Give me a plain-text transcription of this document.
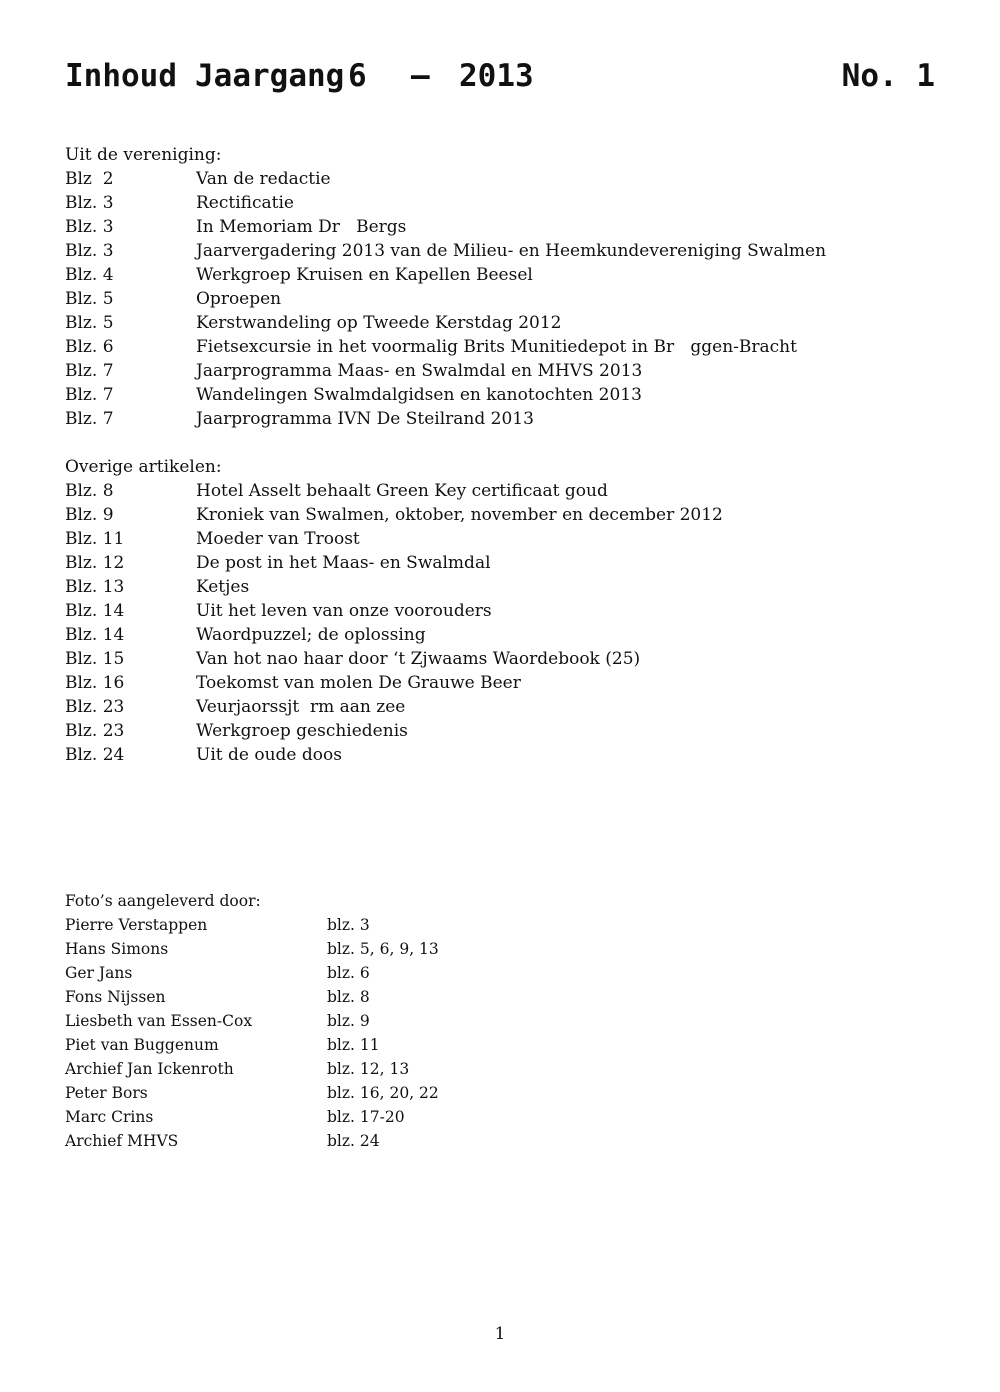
Inhoud

Jaargang

6

–

2013

	No. 1

Uit de vereniging:
Blz  2	Van de redactie
Blz. 3	Rectificatie
Blz. 3	In Memoriam Dr   Bergs
Blz. 3	Jaarvergadering 2013 van de Milieu- en Heemkundevereniging Swalmen
Blz. 4	Werkgroep Kruisen en Kapellen Beesel
Blz. 5	Oproepen
Blz. 5	Kerstwandeling op Tweede Kerstdag 2012
Blz. 6	Fietsexcursie in het voormalig Brits Munitiedepot in Br   ggen-Bracht
Blz. 7	Jaarprogramma Maas- en Swalmdal en MHVS 2013
Blz. 7	Wandelingen Swalmdalgidsen en kanotochten 2013
Blz. 7	Jaarprogramma IVN De Steilrand 2013
Overige artikelen:
Blz. 8	Hotel Asselt behaalt Green Key certificaat goud
Blz. 9	Kroniek van Swalmen, oktober, november en december 2012
Blz. 11	Moeder van Troost
Blz. 12	De post in het Maas- en Swalmdal
Blz. 13	Ketjes
Blz. 14	Uit het leven van onze voorouders
Blz. 14	Waordpuzzel; de oplossing
Blz. 15	Van hot nao haar door ‘t Zjwaams Waordebook (25)
Blz. 16	Toekomst van molen De Grauwe Beer
Blz. 23	Veurjaorssjt  rm aan zee
Blz. 23	Werkgroep geschiedenis
Blz. 24	Uit de oude doos
Foto’s aangeleverd door:
Pierre Verstappen	blz. 3
Hans Simons	blz. 5, 6, 9, 13
Ger Jans	blz. 6
Fons Nijssen	blz. 8
Liesbeth van Essen-Cox	blz. 9
Piet van Buggenum	blz. 11
Archief Jan Ickenroth	blz. 12, 13
Peter Bors	blz. 16, 20, 22
Marc Crins	blz. 17-20
Archief MHVS	blz. 24
1
